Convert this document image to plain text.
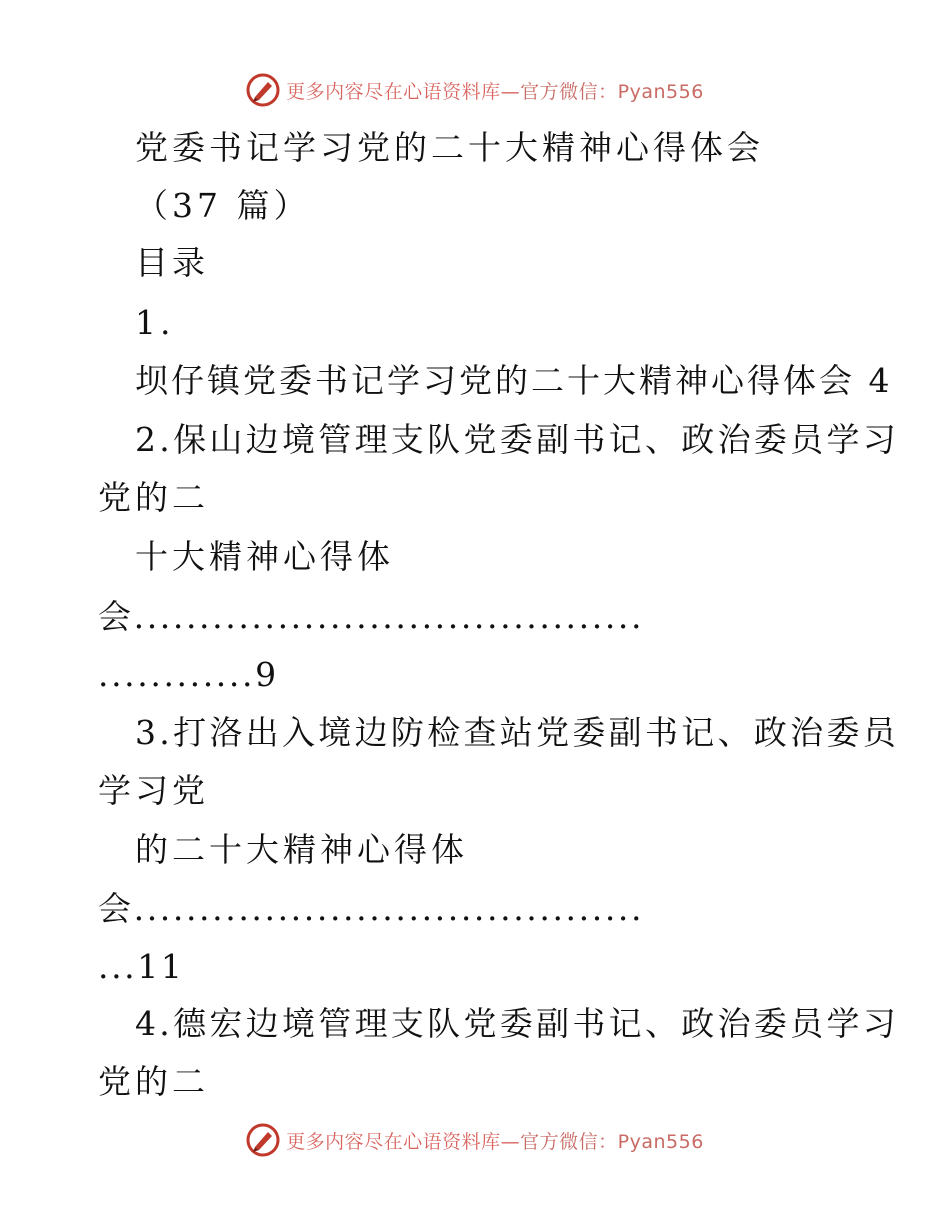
更多内容尽在心语资料库—官方微信：Pyan556
党委书记学习党的二十大精神心得体会
（37 篇）
目录
1.
坝仔镇党委书记学习党的二十大精神心得体会 4
2.保山边境管理支队党委副书记、政治委员学习
党的二
十大精神心得体
会.......................................
............9
3.打洛出入境边防检查站党委副书记、政治委员
学习党
的二十大精神心得体
会.......................................
...11
4.德宏边境管理支队党委副书记、政治委员学习
党的二
更多内容尽在心语资料库—官方微信：Pyan556
